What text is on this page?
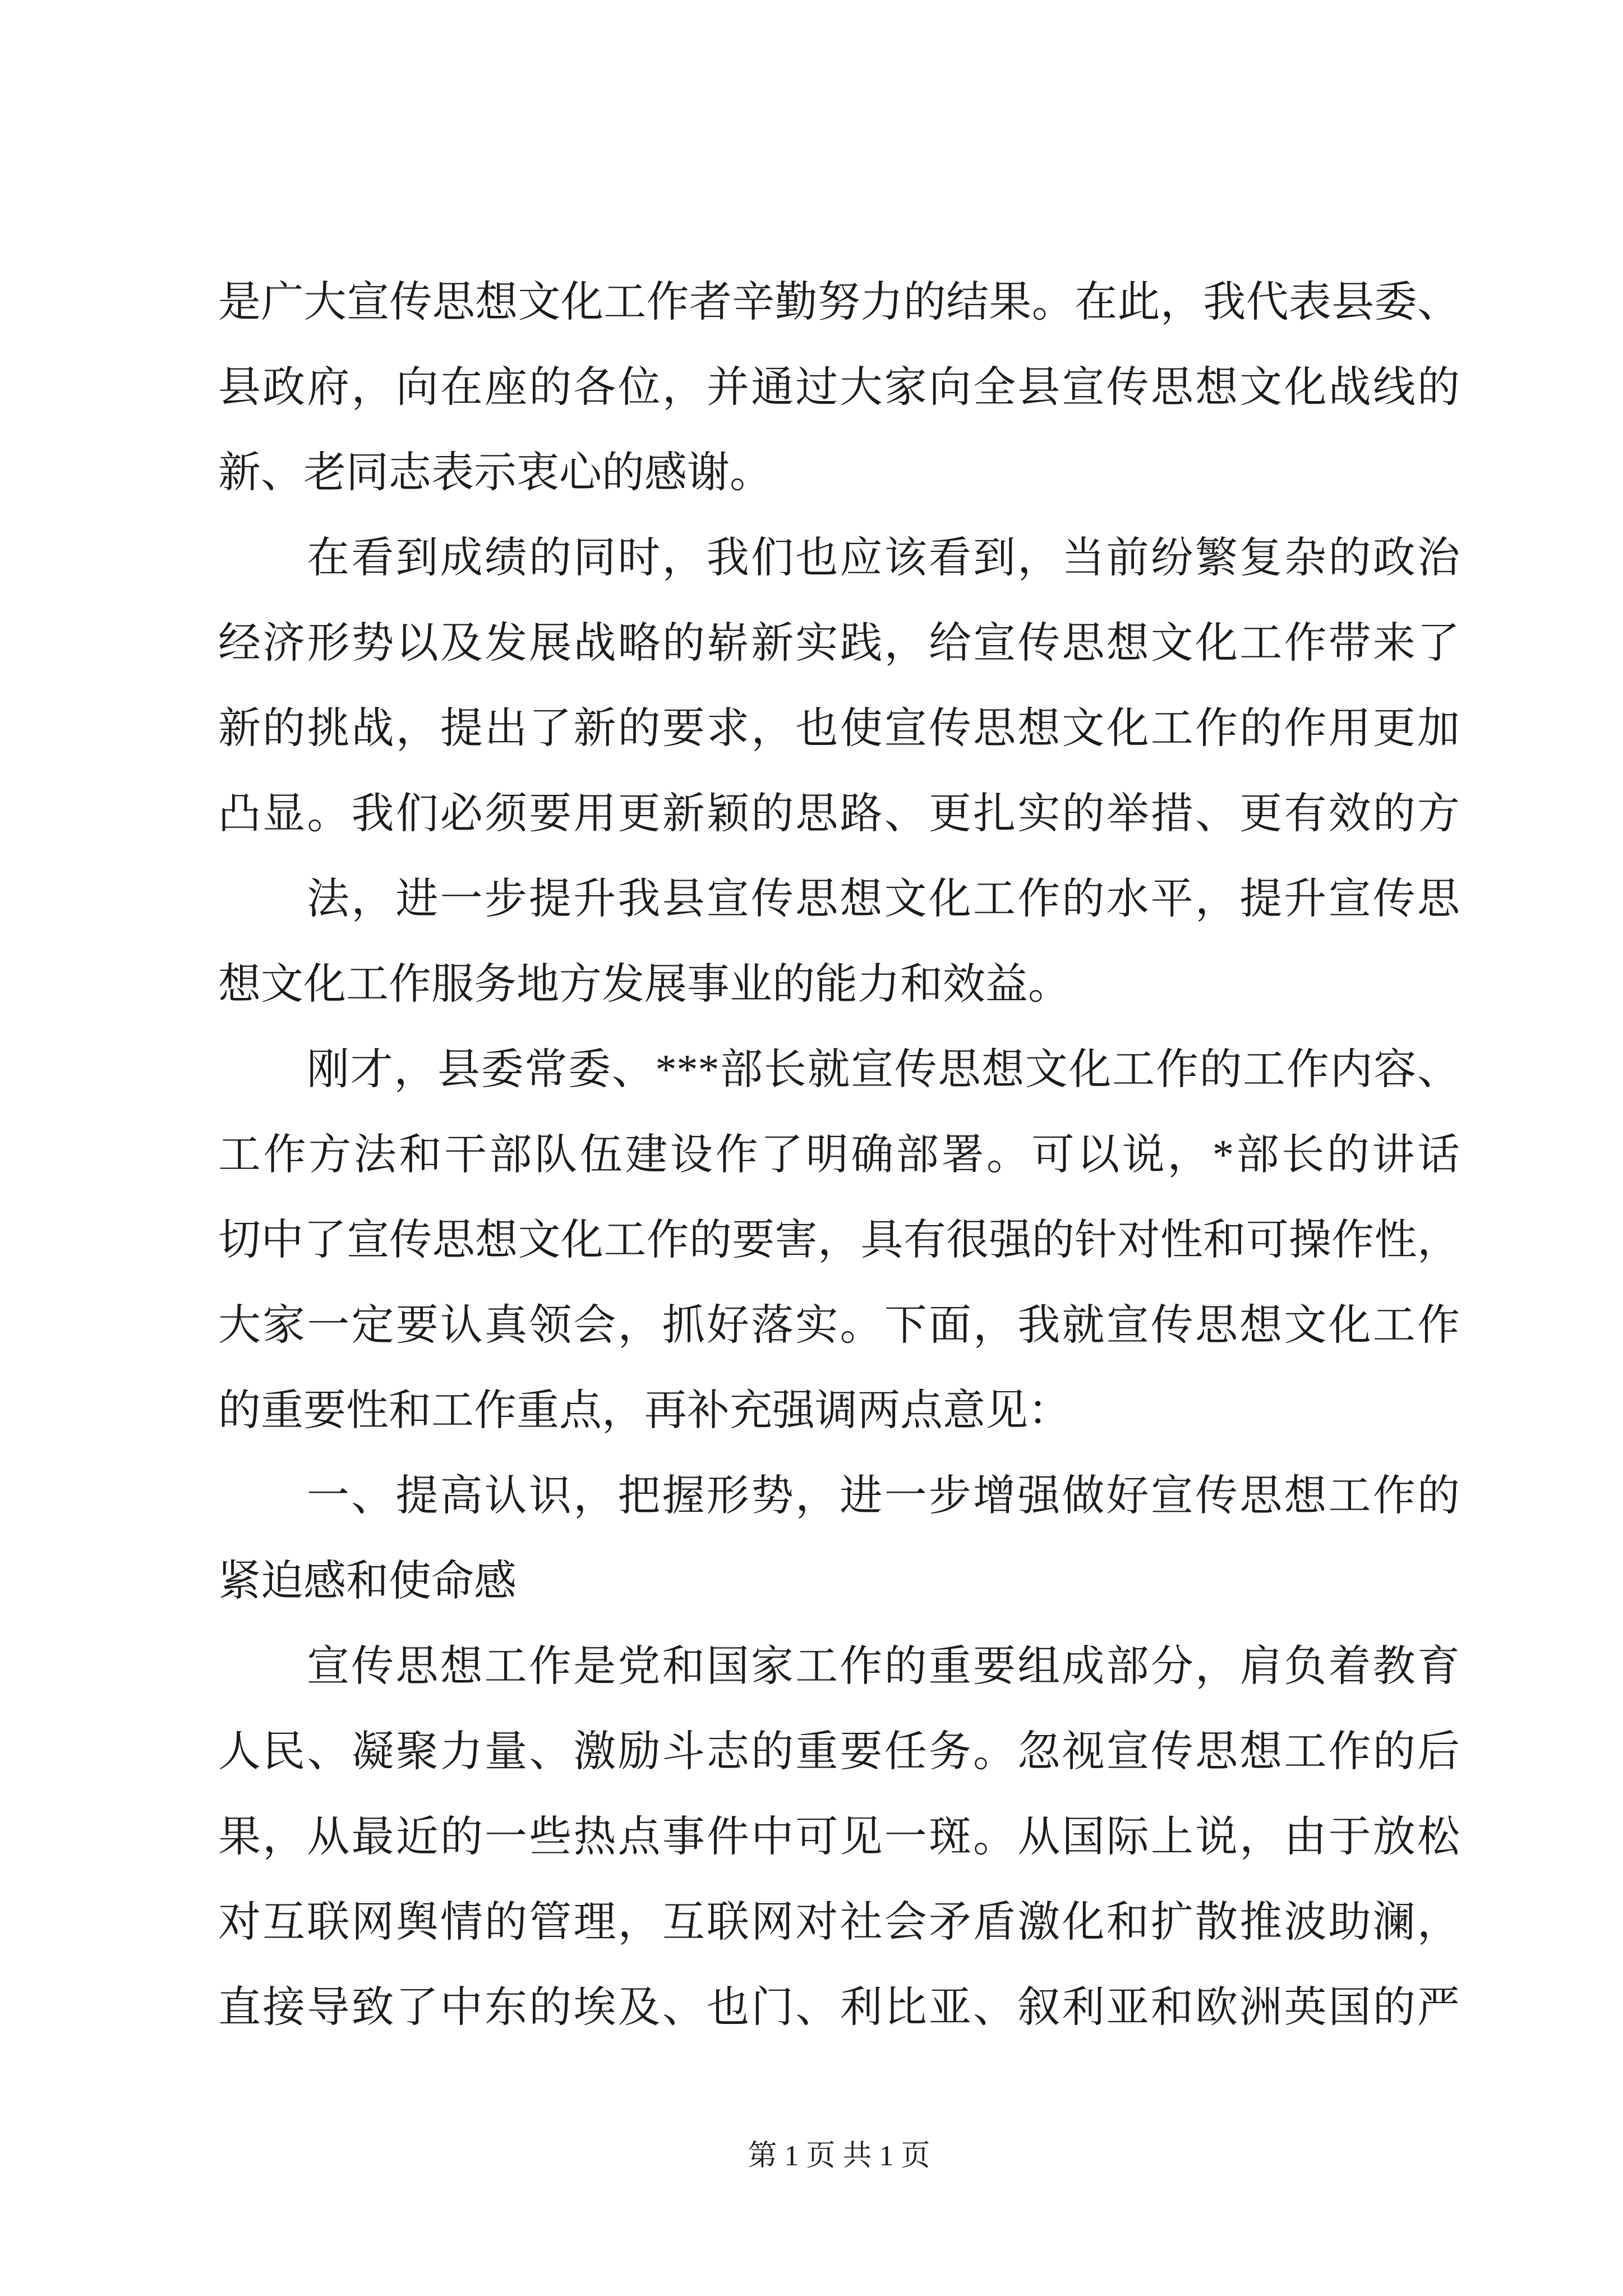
是广大宣传思想文化工作者辛勤努力的结果。在此，我代表县委、
县政府，向在座的各位，并通过大家向全县宣传思想文化战线的
新、老同志表示衷心的感谢。
在看到成绩的同时，我们也应该看到，当前纷繁复杂的政治
经济形势以及发展战略的崭新实践，给宣传思想文化工作带来了
新的挑战，提出了新的要求，也使宣传思想文化工作的作用更加
凸显。我们必须要用更新颖的思路、更扎实的举措、更有效的方
法，进一步提升我县宣传思想文化工作的水平，提升宣传思
想文化工作服务地方发展事业的能力和效益。
刚才，县委常委、***部长就宣传思想文化工作的工作内容、
工作方法和干部队伍建设作了明确部署。可以说，*部长的讲话
切中了宣传思想文化工作的要害，具有很强的针对性和可操作性，
大家一定要认真领会，抓好落实。下面，我就宣传思想文化工作
的重要性和工作重点，再补充强调两点意见：
一、提高认识，把握形势，进一步增强做好宣传思想工作的
紧迫感和使命感
宣传思想工作是党和国家工作的重要组成部分，肩负着教育
人民、凝聚力量、激励斗志的重要任务。忽视宣传思想工作的后
果，从最近的一些热点事件中可见一斑。从国际上说，由于放松
对互联网舆情的管理，互联网对社会矛盾激化和扩散推波助澜，
直接导致了中东的埃及、也门、利比亚、叙利亚和欧洲英国的严
第 1 页 共 1 页
